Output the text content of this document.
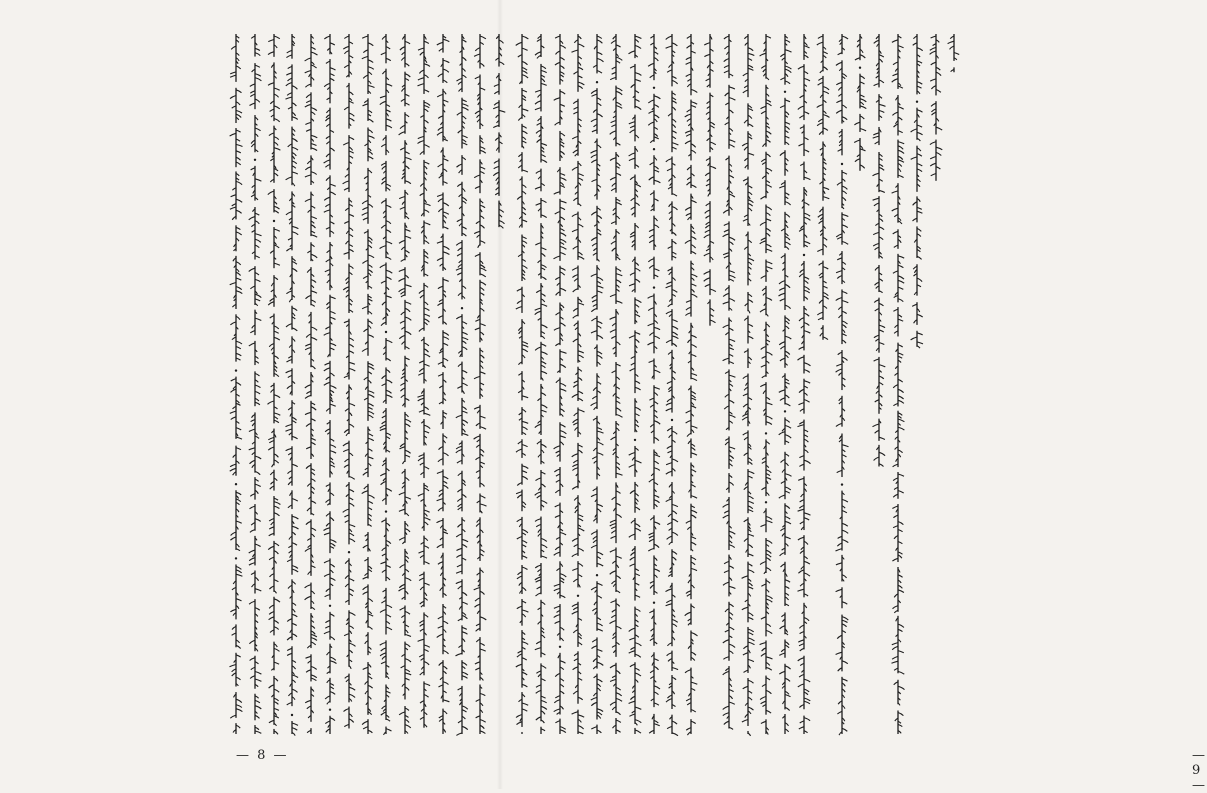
— 8 —	— 9 —
